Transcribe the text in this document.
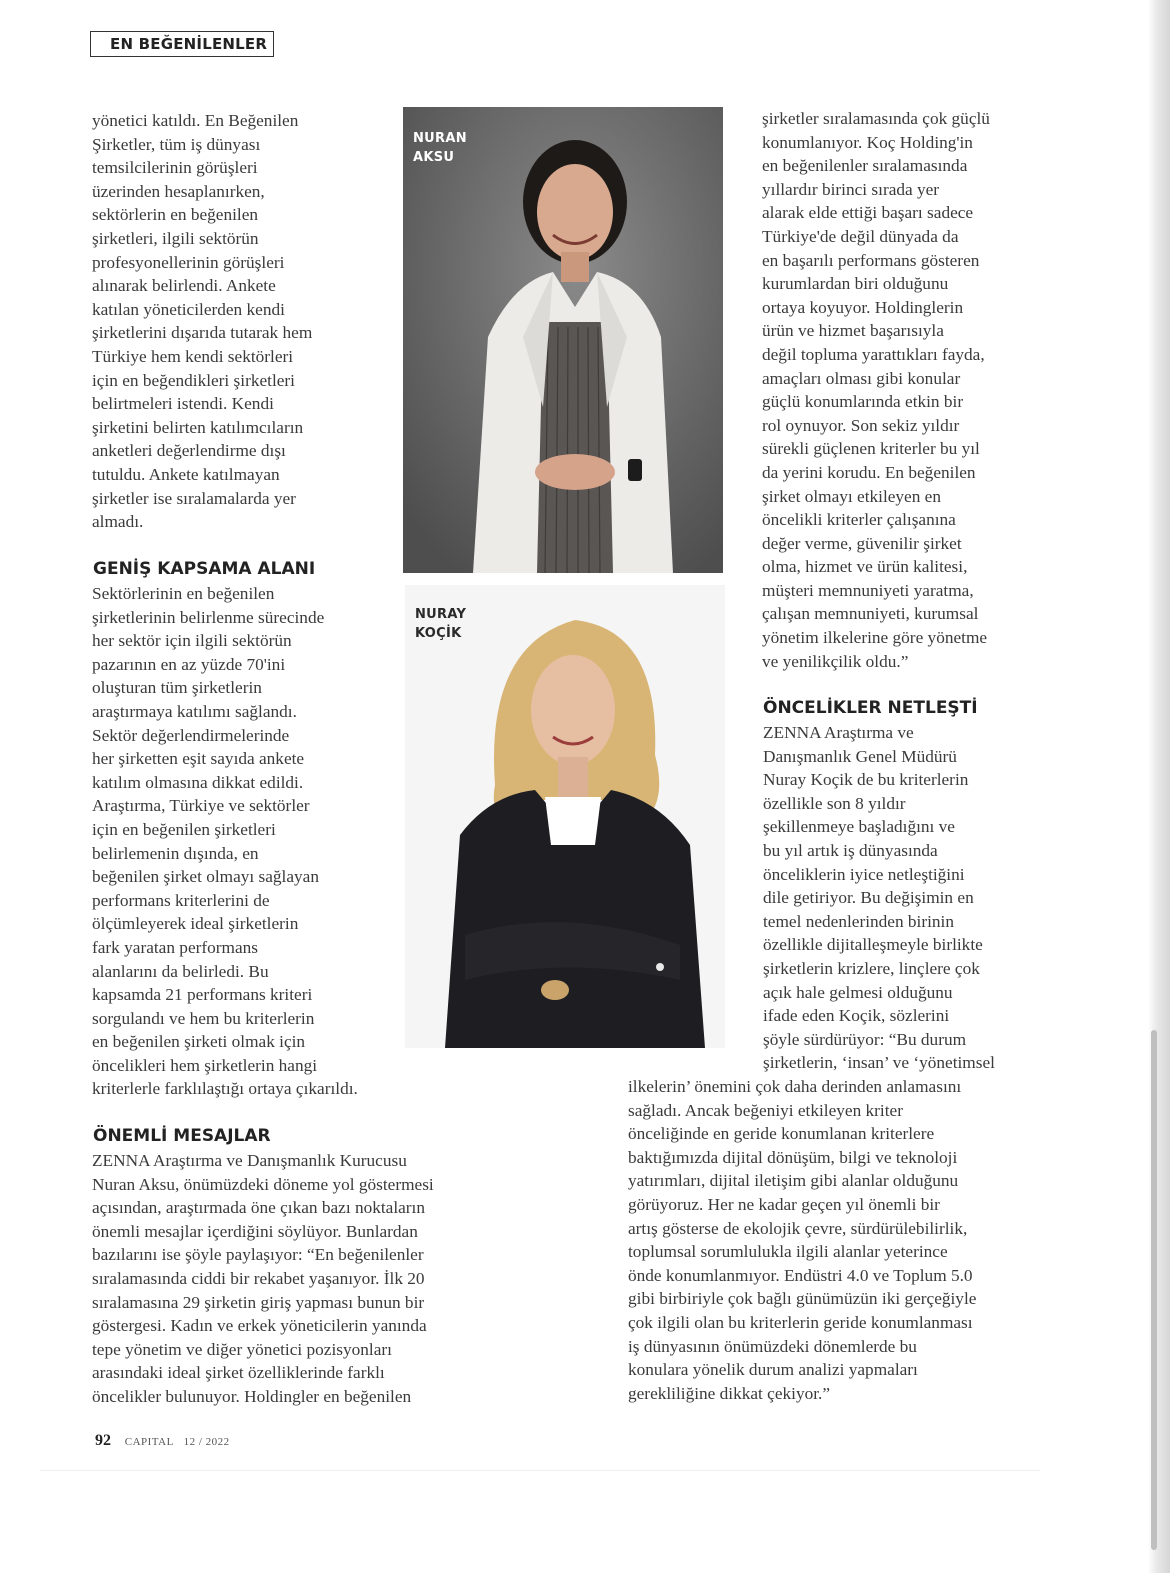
EN BEĞENİLENLER

yönetici katıldı. En Beğenilen
Şirketler, tüm iş dünyası
temsilcilerinin görüşleri
üzerinden hesaplanırken,
sektörlerin en beğenilen
şirketleri, ilgili sektörün
profesyonellerinin görüşleri
alınarak belirlendi. Ankete
katılan yöneticilerden kendi
şirketlerini dışarıda tutarak hem
Türkiye hem kendi sektörleri
için en beğendikleri şirketleri
belirtmeleri istendi. Kendi
şirketini belirten katılımcıların
anketleri değerlendirme dışı
tutuldu. Ankete katılmayan
şirketler ise sıralamalarda yer
almadı.

GENİŞ KAPSAMA ALANI

Sektörlerinin en beğenilen
şirketlerinin belirlenme sürecinde
her sektör için ilgili sektörün
pazarının en az yüzde 70'ini
oluşturan tüm şirketlerin
araştırmaya katılımı sağlandı.
Sektör değerlendirmelerinde
her şirketten eşit sayıda ankete
katılım olmasına dikkat edildi.
Araştırma, Türkiye ve sektörler
için en beğenilen şirketleri
belirlemenin dışında, en
beğenilen şirket olmayı sağlayan
performans kriterlerini de
ölçümleyerek ideal şirketlerin
fark yaratan performans
alanlarını da belirledi. Bu
kapsamda 21 performans kriteri
sorgulandı ve hem bu kriterlerin
en beğenilen şirketi olmak için
öncelikleri hem şirketlerin hangi
kriterlerle farklılaştığı ortaya çıkarıldı.

ÖNEMLİ MESAJLAR

ZENNA Araştırma ve Danışmanlık Kurucusu
Nuran Aksu, önümüzdeki döneme yol göstermesi
açısından, araştırmada öne çıkan bazı noktaların
önemli mesajlar içerdiğini söylüyor. Bunlardan
bazılarını ise şöyle paylaşıyor: “En beğenilenler
sıralamasında ciddi bir rekabet yaşanıyor. İlk 20
sıralamasına 29 şirketin giriş yapması bunun bir
göstergesi. Kadın ve erkek yöneticilerin yanında
tepe yönetim ve diğer yönetici pozisyonları
arasındaki ideal şirket özelliklerinde farklı
öncelikler bulunuyor. Holdingler en beğenilen

NURAN
AKSU
NURAY
KOÇİK

şirketler sıralamasında çok güçlü
konumlanıyor. Koç Holding'in
en beğenilenler sıralamasında
yıllardır birinci sırada yer
alarak elde ettiği başarı sadece
Türkiye'de değil dünyada da
en başarılı performans gösteren
kurumlardan biri olduğunu
ortaya koyuyor. Holdinglerin
ürün ve hizmet başarısıyla
değil topluma yarattıkları fayda,
amaçları olması gibi konular
güçlü konumlarında etkin bir
rol oynuyor. Son sekiz yıldır
sürekli güçlenen kriterler bu yıl
da yerini korudu. En beğenilen
şirket olmayı etkileyen en
öncelikli kriterler çalışanına
değer verme, güvenilir şirket
olma, hizmet ve ürün kalitesi,
müşteri memnuniyeti yaratma,
çalışan memnuniyeti, kurumsal
yönetim ilkelerine göre yönetme
ve yenilikçilik oldu.”

ÖNCELİKLER NETLEŞTİ

ZENNA Araştırma ve
Danışmanlık Genel Müdürü
Nuray Koçik de bu kriterlerin
özellikle son 8 yıldır
şekillenmeye başladığını ve
bu yıl artık iş dünyasında
önceliklerin iyice netleştiğini
dile getiriyor. Bu değişimin en
temel nedenlerinden birinin
özellikle dijitalleşmeyle birlikte
şirketlerin krizlere, linçlere çok
açık hale gelmesi olduğunu
ifade eden Koçik, sözlerini
şöyle sürdürüyor: “Bu durum
şirketlerin, ‘insan’ ve ‘yönetimsel

ilkelerin’ önemini çok daha derinden anlamasını
sağladı. Ancak beğeniyi etkileyen kriter
önceliğinde en geride konumlanan kriterlere
baktığımızda dijital dönüşüm, bilgi ve teknoloji
yatırımları, dijital iletişim gibi alanlar olduğunu
görüyoruz. Her ne kadar geçen yıl önemli bir
artış gösterse de ekolojik çevre, sürdürülebilirlik,
toplumsal sorumlulukla ilgili alanlar yeterince
önde konumlanmıyor. Endüstri 4.0 ve Toplum 5.0
gibi birbiriyle çok bağlı günümüzün iki gerçeğiyle
çok ilgili olan bu kriterlerin geride konumlanması
iş dünyasının önümüzdeki dönemlerde bu
konulara yönelik durum analizi yapmaları
gerekliliğine dikkat çekiyor.”

92 CAPITAL 12 / 2022
